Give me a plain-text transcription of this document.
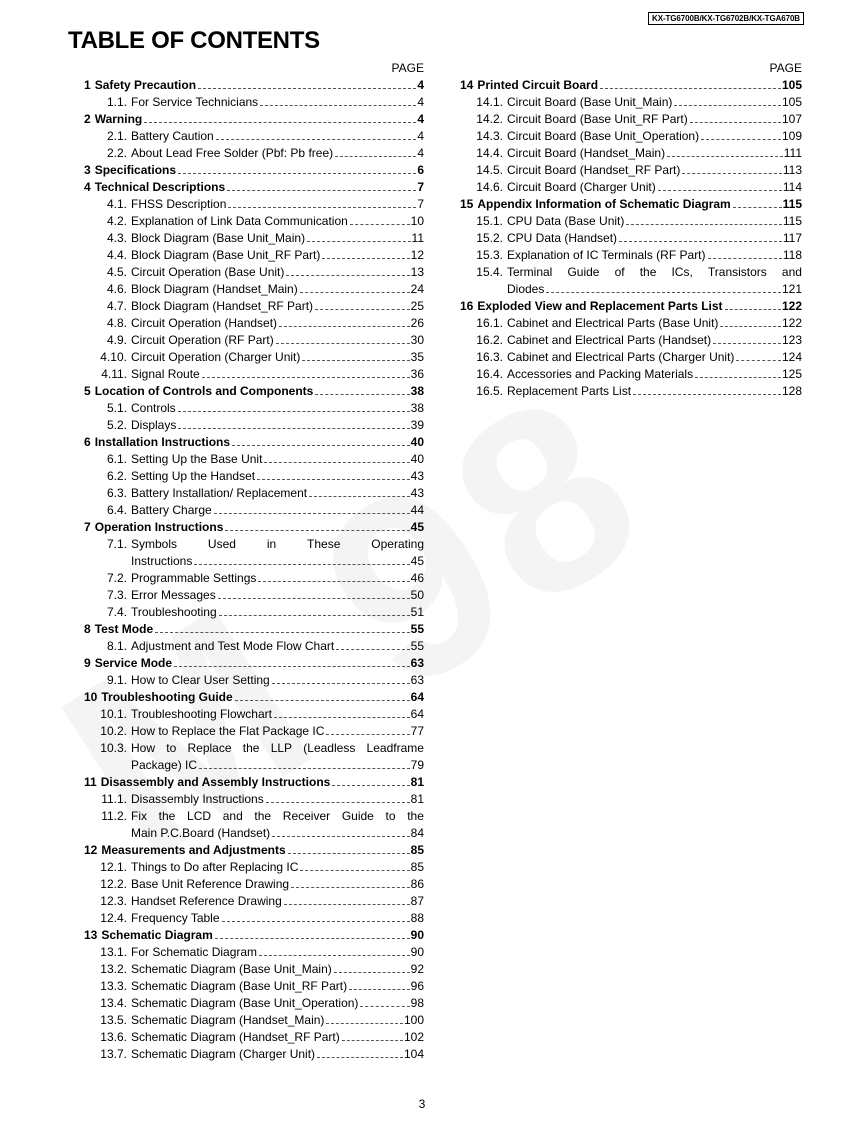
KX-TG6700B/KX-TG6702B/KX-TGA670B
TABLE OF CONTENTS
PAGE
1 Safety Precaution	4
1.1. For Service Technicians	4
2 Warning	4
2.1. Battery Caution	4
2.2. About Lead Free Solder (Pbf: Pb free)	4
3 Specifications	6
4 Technical Descriptions	7
4.1. FHSS Description	7
4.2. Explanation of Link Data Communication	10
4.3. Block Diagram (Base Unit_Main)	11
4.4. Block Diagram (Base Unit_RF Part)	12
4.5. Circuit Operation (Base Unit)	13
4.6. Block Diagram (Handset_Main)	24
4.7. Block Diagram (Handset_RF Part)	25
4.8. Circuit Operation (Handset)	26
4.9. Circuit Operation (RF Part)	30
4.10. Circuit Operation (Charger Unit)	35
4.11. Signal Route	36
5 Location of Controls and Components	38
5.1. Controls	38
5.2. Displays	39
6 Installation Instructions	40
6.1. Setting Up the Base Unit	40
6.2. Setting Up the Handset	43
6.3. Battery Installation/ Replacement	43
6.4. Battery Charge	44
7 Operation Instructions	45
7.1. Symbols	Used	in	These	Operating
Instructions	45
7.2. Programmable Settings	46
7.3. Error Messages	50
7.4. Troubleshooting	51
8 Test Mode	55
8.1. Adjustment and Test Mode Flow Chart	55
9 Service Mode	63
9.1. How to Clear User Setting	63
10 Troubleshooting Guide	64
10.1. Troubleshooting Flowchart	64
10.2. How to Replace the Flat Package IC	77
10.3. How to Replace the LLP (Leadless Leadframe
Package) IC	79
11 Disassembly and Assembly Instructions	81
11.1. Disassembly Instructions	81
11.2. Fix the LCD and the Receiver Guide to the
Main P.C.Board (Handset)	84
12 Measurements and Adjustments	85
12.1. Things to Do after Replacing IC	85
12.2. Base Unit Reference Drawing	86
12.3. Handset Reference Drawing	87
12.4. Frequency Table	88
13 Schematic Diagram	90
13.1. For Schematic Diagram	90
13.2. Schematic Diagram (Base Unit_Main)	92
13.3. Schematic Diagram (Base Unit_RF Part)	96
13.4. Schematic Diagram (Base Unit_Operation)	98
13.5. Schematic Diagram (Handset_Main)	100
13.6. Schematic Diagram (Handset_RF Part)	102
13.7. Schematic Diagram (Charger Unit)	104
PAGE
14 Printed Circuit Board	105
14.1. Circuit Board (Base Unit_Main)	105
14.2. Circuit Board (Base Unit_RF Part)	107
14.3. Circuit Board (Base Unit_Operation)	109
14.4. Circuit Board (Handset_Main)	111
14.5. Circuit Board (Handset_RF Part)	113
14.6. Circuit Board (Charger Unit)	114
15 Appendix Information of Schematic Diagram	115
15.1. CPU Data (Base Unit)	115
15.2. CPU Data (Handset)	117
15.3. Explanation of IC Terminals (RF Part)	118
15.4. Terminal Guide of the ICs, Transistors and
Diodes	121
16 Exploded View and Replacement Parts List	122
16.1. Cabinet and Electrical Parts (Base Unit)	122
16.2. Cabinet and Electrical Parts (Handset)	123
16.3. Cabinet and Electrical Parts (Charger Unit)	124
16.4. Accessories and Packing Materials	125
16.5. Replacement Parts List	128
3
